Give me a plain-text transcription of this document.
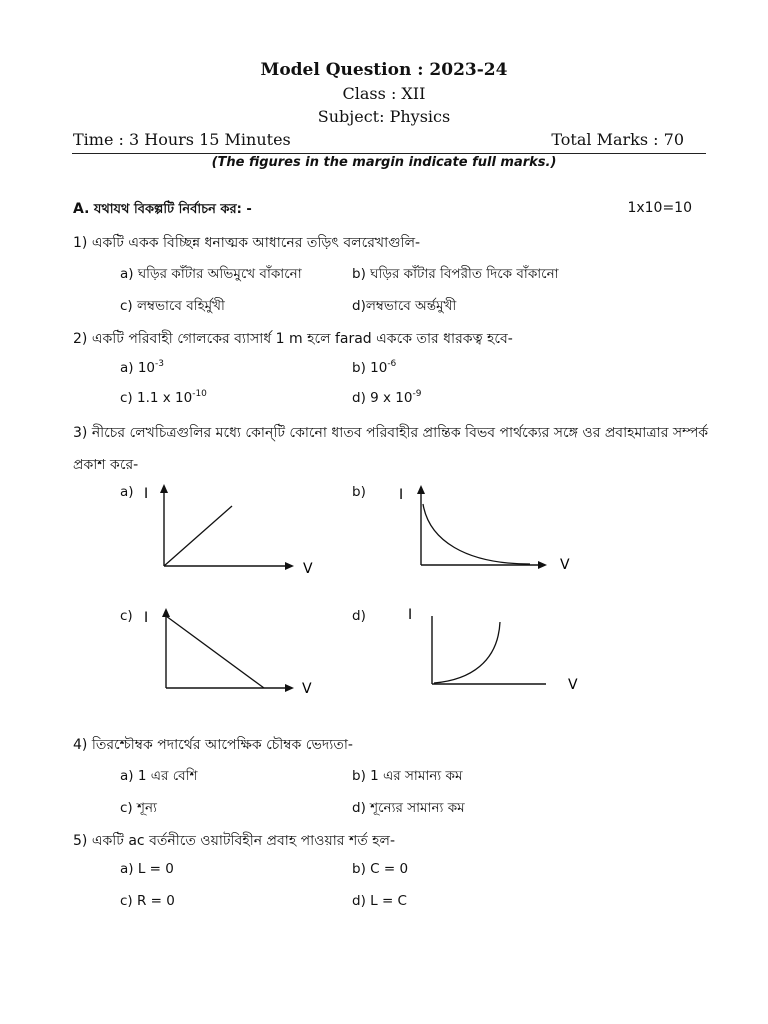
Model Question : 2023-24
Class : XII
Subject: Physics
Time : 3 Hours 15 Minutes	Total Marks : 70
(The figures in the margin indicate full marks.)
A. যথাযথ বিকল্পটি নির্বাচন কর: -	1x10=10
1) একটি একক বিচ্ছিন্ন ধনাত্মক আধানের তড়িৎ বলরেখাগুলি-
a) ঘড়ির কাঁটার অভিমুখে বাঁকানো	b) ঘড়ির কাঁটার বিপরীত দিকে বাঁকানো
c) লম্বভাবে বহির্মুখী	d)লম্বভাবে অর্ন্তমুখী
2) একটি পরিবাহী গোলকের ব্যাসার্ধ 1 m হলে farad এককে তার ধারকত্ব হবে-
a) $10^{-3}$	b) $10^{-6}$
c) 1.1 x $10^{-10}$	d) 9 x $10^{-9}$
3) নীচের লেখচিত্রগুলির মধ্যে কোন্‌টি কোনো ধাতব পরিবাহীর প্রান্তিক বিভব পার্থক্যের সঙ্গে ওর প্রবাহমাত্রার সম্পর্ক
প্রকাশ করে-
a)	b)
c)	d)
I
V
I
V
I
V
I
V
4) তিরশ্চৌম্বক পদার্থের আপেক্ষিক চৌম্বক ভেদ্যতা-
a) 1 এর বেশি	b) 1 এর সামান্য কম
c) শূন্য	d) শূন্যের সামান্য কম
5) একটি ac বর্তনীতে ওয়াটবিহীন প্রবাহ পাওয়ার শর্ত হল-
a) L = 0	b) C = 0
c) R = 0	d) L = C
